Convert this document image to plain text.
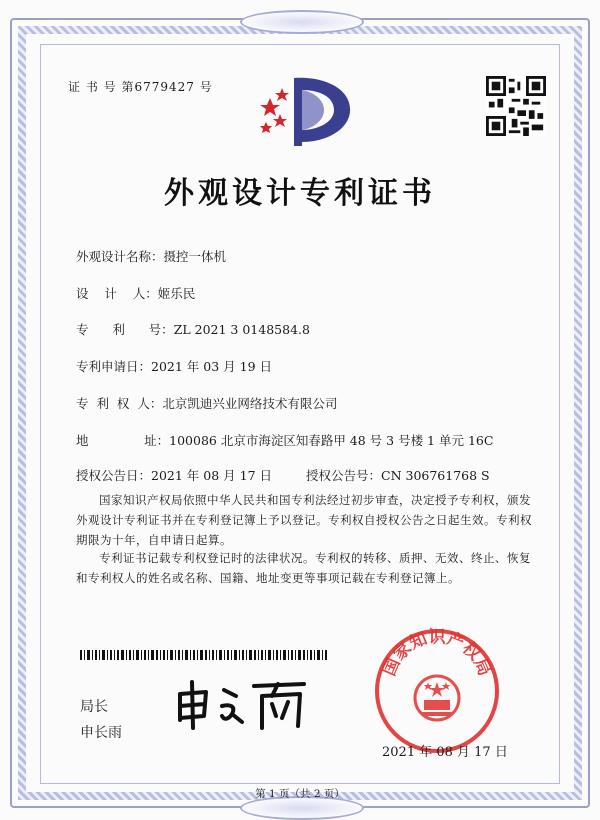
证 书 号 第6779427 号
外观设计专利证书
外观设计名称：摄控一体机
设    计    人：姬乐民
专      利      号：ZL 2021 3 0148584.8
专利申请日：2021 年 03 月 19 日
专  利  权  人：北京凯迪兴业网络技术有限公司
地              址：100086 北京市海淀区知春路甲 48 号 3 号楼 1 单元 16C
授权公告日：2021 年 08 月 17 日	授权公告号：CN 306761768 S
国家知识产权局依照中华人民共和国专利法经过初步审查，决定授予专利权，颁发外观设计专利证书并在专利登记簿上予以登记。专利权自授权公告之日起生效。专利权期限为十年，自申请日起算。
专利证书记载专利权登记时的法律状况。专利权的转移、质押、无效、终止、恢复和专利权人的姓名或名称、国籍、地址变更等事项记载在专利登记簿上。
局长
申长雨
国家知识产权局
2021 年 08 月 17 日
第 1 页（共 2 页）
